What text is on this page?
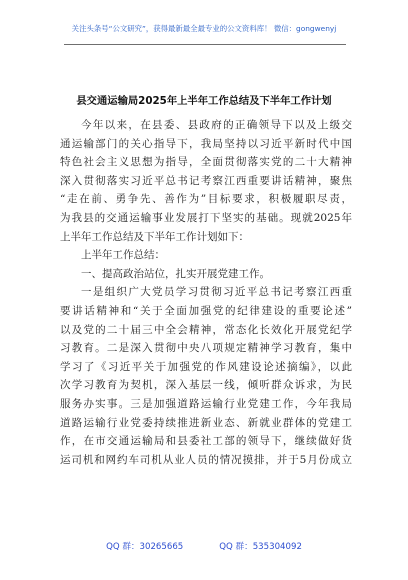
关注头条号“公文研究”，获得最新最全最专业的公文资料库！ 微信：gongwenyj
县交通运输局2025年上半年工作总结及下半年工作计划
今年以来，在县委、县政府的正确领导下以及上级交
通运输部门的关心指导下，我局坚持以习近平新时代中国
特色社会主义思想为指导，全面贯彻落实党的二十大精神
深入贯彻落实习近平总书记考察江西重要讲话精神，聚焦
“走在前、勇争先、善作为”目标要求，积极履职尽责，
为我县的交通运输事业发展打下坚实的基础。现就2025年
上半年工作总结及下半年工作计划如下：
上半年工作总结：
一、提高政治站位，扎实开展党建工作。
一是组织广大党员学习贯彻习近平总书记考察江西重
要讲话精神和“关于全面加强党的纪律建设的重要论述”
以及党的二十届三中全会精神，常态化长效化开展党纪学
习教育。二是深入贯彻中央八项规定精神学习教育，集中
学习了《习近平关于加强党的作风建设论述摘编》，以此
次学习教育为契机，深入基层一线，倾听群众诉求，为民
服务办实事。三是加强道路运输行业党建工作，今年我局
道路运输行业党委持续推进新业态、新就业群体的党建工
作，在市交通运输局和县委社工部的领导下，继续做好货
运司机和网约车司机从业人员的情况摸排，并于5月份成立
QQ 群：30265665	QQ 群：535304092
